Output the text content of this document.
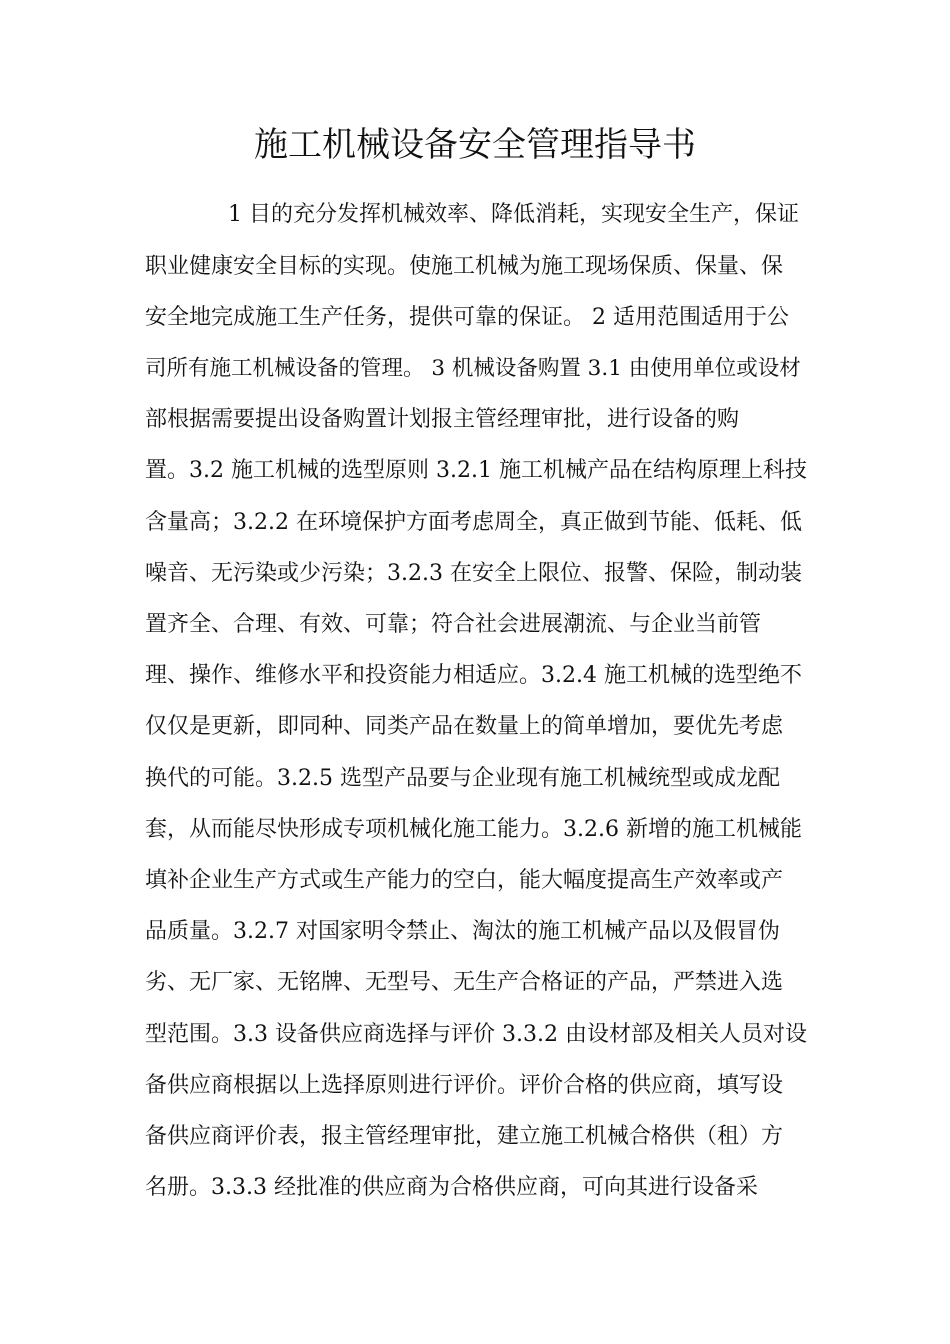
施工机械设备安全管理指导书
1 目的充分发挥机械效率、降低消耗，实现安全生产，保证
职业健康安全目标的实现。使施工机械为施工现场保质、保量、保
安全地完成施工生产任务，提供可靠的保证。 2 适用范围适用于公
司所有施工机械设备的管理。 3 机械设备购置 3.1 由使用单位或设材
部根据需要提出设备购置计划报主管经理审批，进行设备的购
置。3.2 施工机械的选型原则 3.2.1 施工机械产品在结构原理上科技
含量高；3.2.2 在环境保护方面考虑周全，真正做到节能、低耗、低
噪音、无污染或少污染；3.2.3 在安全上限位、报警、保险，制动装
置齐全、合理、有效、可靠；符合社会进展潮流、与企业当前管
理、操作、维修水平和投资能力相适应。3.2.4 施工机械的选型绝不
仅仅是更新，即同种、同类产品在数量上的简单增加，要优先考虑
换代的可能。3.2.5 选型产品要与企业现有施工机械统型或成龙配
套，从而能尽快形成专项机械化施工能力。3.2.6 新增的施工机械能
填补企业生产方式或生产能力的空白，能大幅度提高生产效率或产
品质量。3.2.7 对国家明令禁止、淘汰的施工机械产品以及假冒伪
劣、无厂家、无铭牌、无型号、无生产合格证的产品，严禁进入选
型范围。3.3 设备供应商选择与评价 3.3.2 由设材部及相关人员对设
备供应商根据以上选择原则进行评价。评价合格的供应商，填写设
备供应商评价表，报主管经理审批，建立施工机械合格供（租）方
名册。3.3.3 经批准的供应商为合格供应商，可向其进行设备采
